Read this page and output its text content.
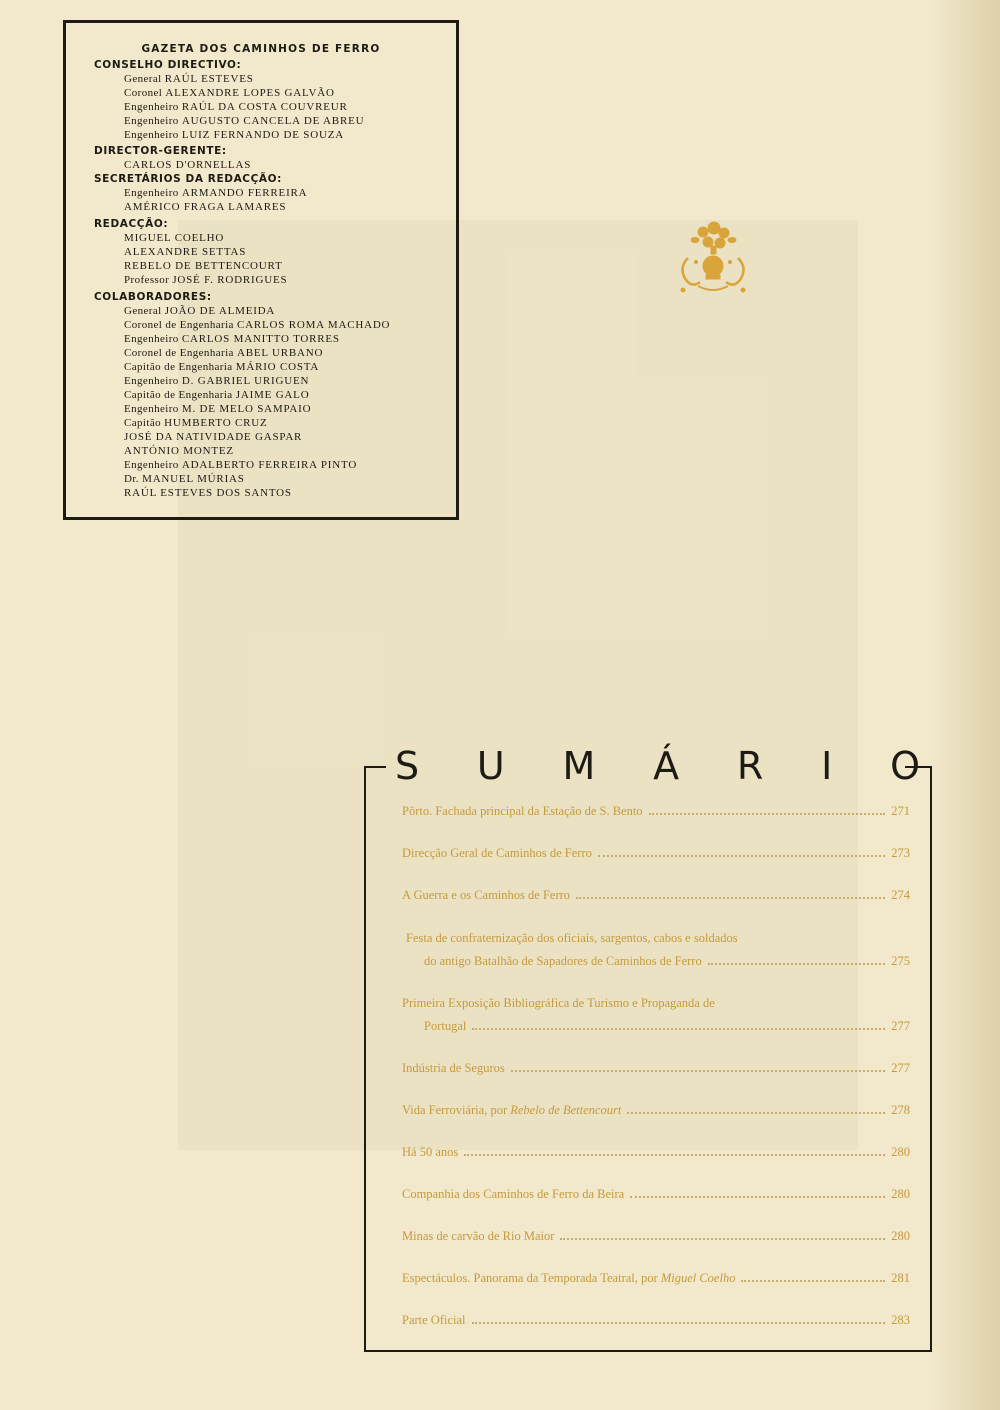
GAZETA DOS CAMINHOS DE FERRO
CONSELHO DIRECTIVO:
General RAÚL ESTEVES
Coronel ALEXANDRE LOPES GALVÃO
Engenheiro RAÚL DA COSTA COUVREUR
Engenheiro AUGUSTO CANCELA DE ABREU
Engenheiro LUIZ FERNANDO DE SOUZA
DIRECTOR-GERENTE:
CARLOS D'ORNELLAS
SECRETÁRIOS DA REDACÇÃO:
Engenheiro ARMANDO FERREIRA
AMÉRICO FRAGA LAMARES
REDACÇÃO:
MIGUEL COELHO
ALEXANDRE SETTAS
REBELO DE BETTENCOURT
Professor JOSÉ F. RODRIGUES
COLABORADORES:
General JOÃO DE ALMEIDA
Coronel de Engenharia CARLOS ROMA MACHADO
Engenheiro CARLOS MANITTO TORRES
Coronel de Engenharia ABEL URBANO
Capitão de Engenharia MÁRIO COSTA
Engenheiro D. GABRIEL URIGUEN
Capitão de Engenharia JAIME GALO
Engenheiro M. DE MELO SAMPAIO
Capitão HUMBERTO CRUZ
JOSÉ DA NATIVIDADE GASPAR
ANTÓNIO MONTEZ
Engenheiro ADALBERTO FERREIRA PINTO
Dr. MANUEL MÚRIAS
RAÚL ESTEVES DOS SANTOS
S U M Á R I O
Pôrto. Fachada principal da Estação de S. Bento	271
Direcção Geral de Caminhos de Ferro	273
A Guerra e os Caminhos de Ferro	274
Festa de confraternização dos oficiais, sargentos, cabos e soldados
do antigo Batalhão de Sapadores de Caminhos de Ferro	275
Primeira Exposição Bibliográfica de Turismo e Propaganda de
Portugal	277
Indústria de Seguros	277
Vida Ferroviária, por Rebelo de Bettencourt	278
Há 50 anos	280
Companhia dos Caminhos de Ferro da Beira	280
Minas de carvão de Rio Maior	280
Espectáculos. Panorama da Temporada Teatral, por Miguel Coelho	281
Parte Oficial	283
